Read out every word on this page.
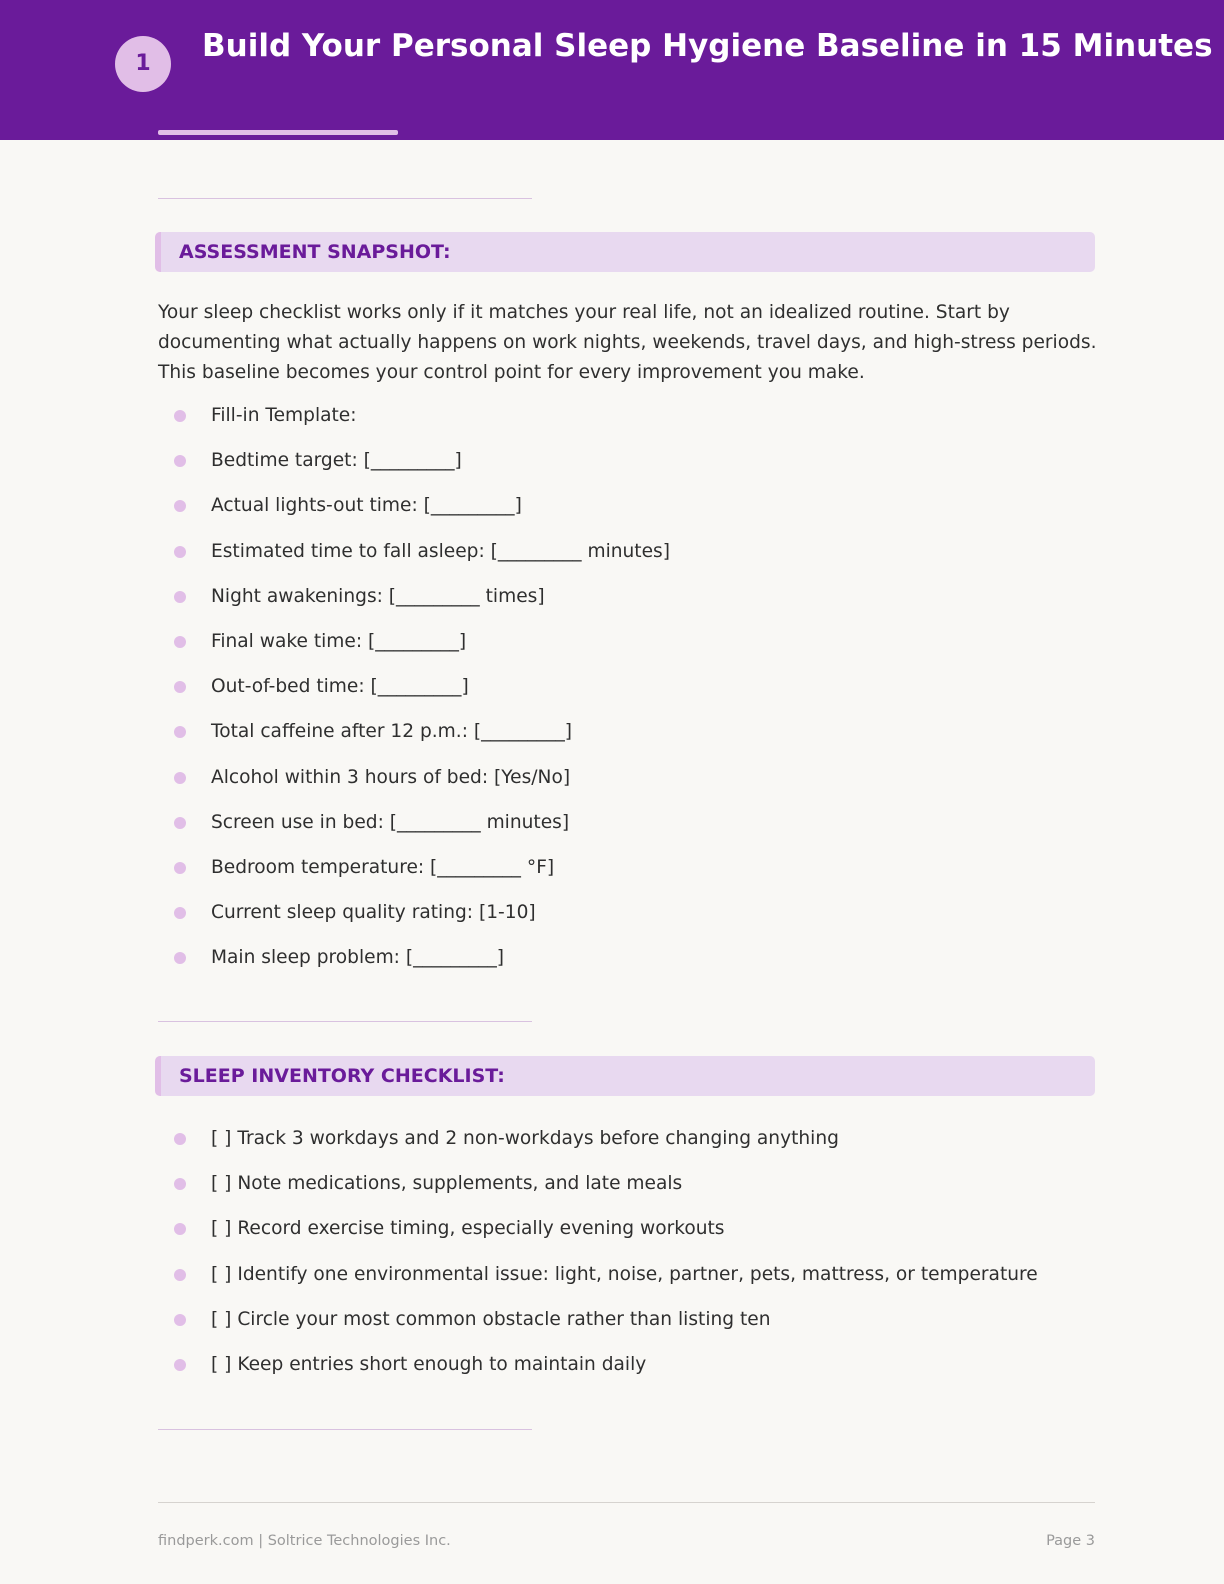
1	Build Your Personal Sleep Hygiene Baseline in 15 Minutes
ASSESSMENT SNAPSHOT:

Your sleep checklist works only if it matches your real life, not an idealized routine. Start by documenting what actually happens on work nights, weekends, travel days, and high-stress periods. This baseline becomes your control point for every improvement you make.

Fill-in Template:
Bedtime target: [_________]
Actual lights-out time: [_________]
Estimated time to fall asleep: [_________ minutes]
Night awakenings: [_________ times]
Final wake time: [_________]
Out-of-bed time: [_________]
Total caffeine after 12 p.m.: [_________]
Alcohol within 3 hours of bed: [Yes/No]
Screen use in bed: [_________ minutes]
Bedroom temperature: [_________ °F]
Current sleep quality rating: [1-10]
Main sleep problem: [_________]
SLEEP INVENTORY CHECKLIST:
[ ] Track 3 workdays and 2 non-workdays before changing anything
[ ] Note medications, supplements, and late meals
[ ] Record exercise timing, especially evening workouts
[ ] Identify one environmental issue: light, noise, partner, pets, mattress, or temperature
[ ] Circle your most common obstacle rather than listing ten
[ ] Keep entries short enough to maintain daily
findperk.com | Soltrice Technologies Inc.	Page 3
